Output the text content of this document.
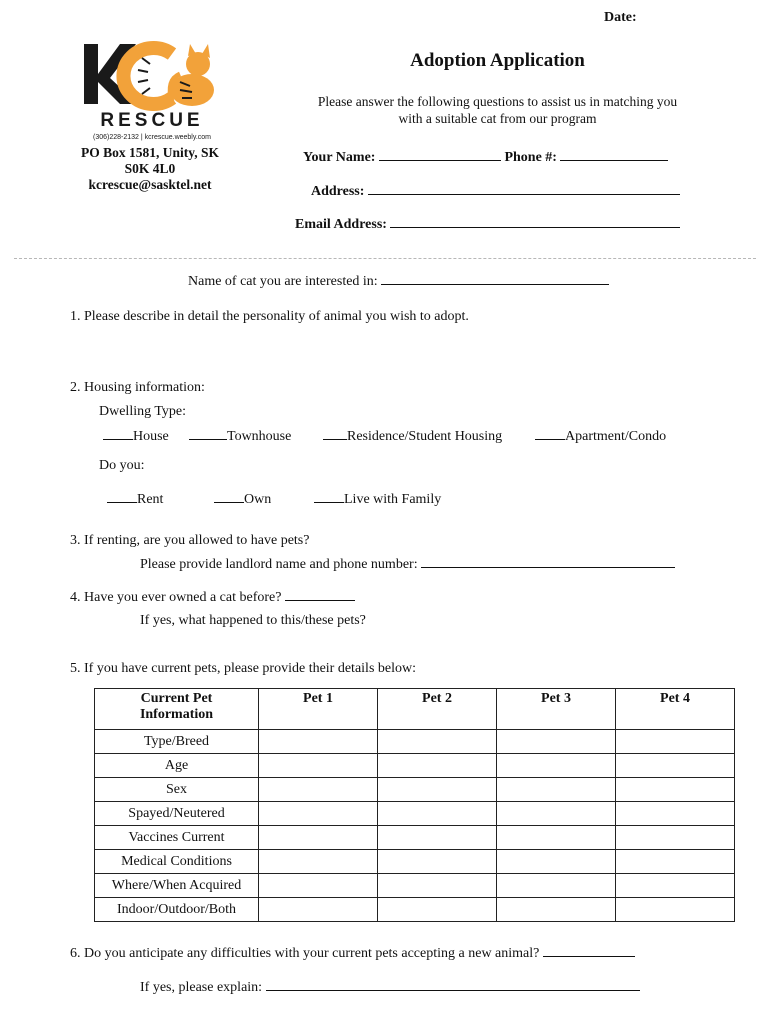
Date:
RESCUE
(306)228-2132 | kcrescue.weebly.com
PO Box 1581, Unity, SK
S0K 4L0
kcrescue@sasktel.net
Adoption Application
Please answer the following questions to assist us in matching you
with a suitable cat from our program
Your Name:	Phone #:
Address:
Email Address:
Name of cat you are interested in:
1. Please describe in detail the personality of animal you wish to adopt.
2. Housing information:
Dwelling Type:
House	Townhouse	Residence/Student Housing	Apartment/Condo
Do you:
Rent	Own	Live with Family
3. If renting, are you allowed to have pets?
Please provide landlord name and phone number:
4. Have you ever owned a cat before?
If yes, what happened to this/these pets?
5. If you have current pets, please provide their details below:
Current Pet
Information	Pet 1	Pet 2	Pet 3	Pet 4
Type/Breed				
Age				
Sex				
Spayed/Neutered				
Vaccines Current				
Medical Conditions				
Where/When Acquired				
Indoor/Outdoor/Both				
6. Do you anticipate any difficulties with your current pets accepting a new animal?
If yes, please explain:
